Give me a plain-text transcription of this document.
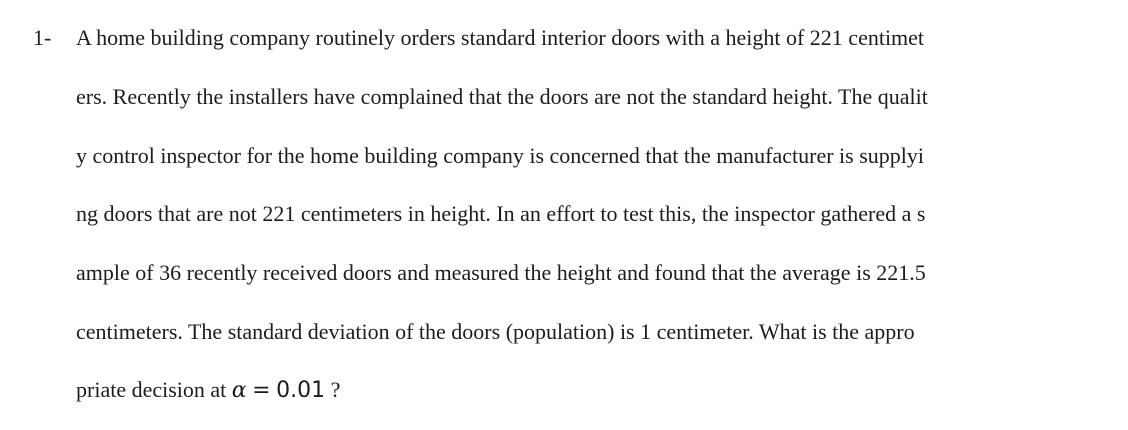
1- A home building company routinely orders standard interior doors with a height of 221 centimet
ers. Recently the installers have complained that the doors are not the standard height. The qualit
y control inspector for the home building company is concerned that the manufacturer is supplyi
ng doors that are not 221 centimeters in height. In an effort to test this, the inspector gathered a s
ample of 36 recently received doors and measured the height and found that the average is 221.5
centimeters. The standard deviation of the doors (population) is 1 centimeter. What is the appro
priate decision at α = 0.01 ?
